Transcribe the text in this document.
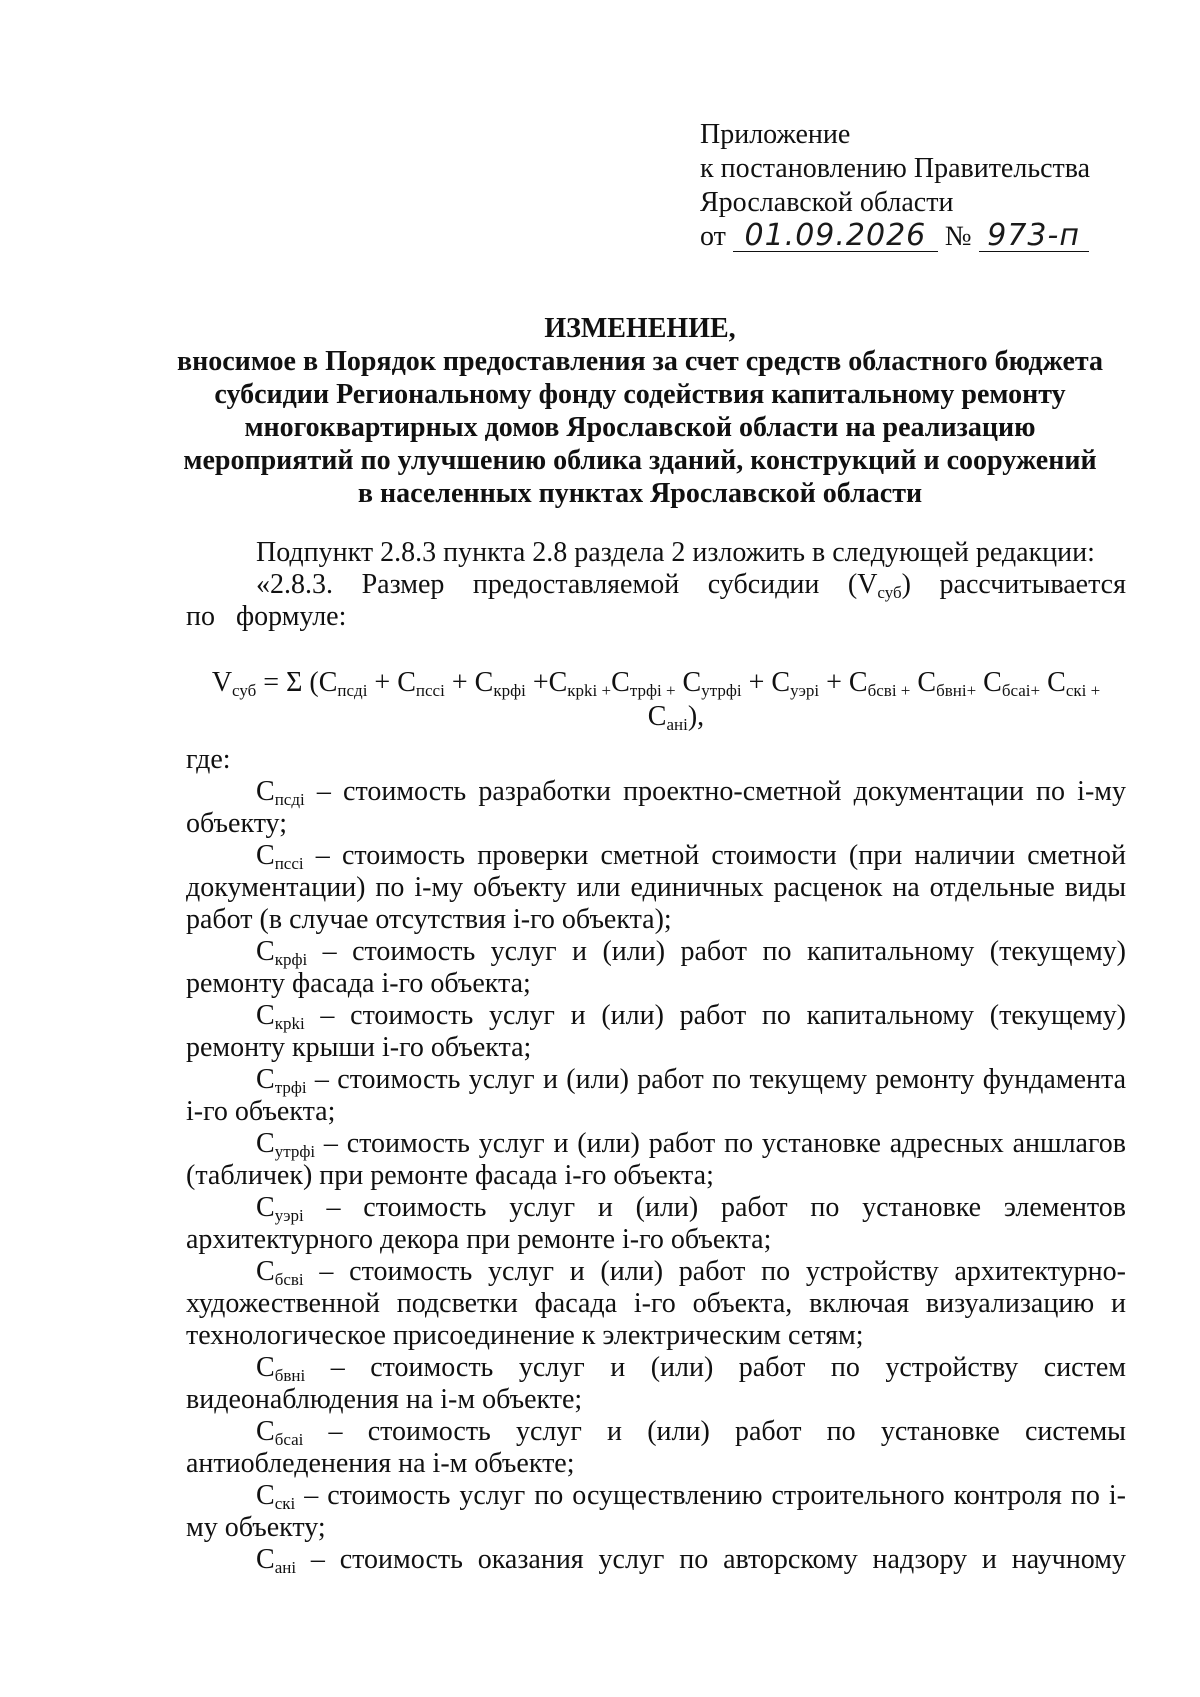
Приложение
к постановлению Правительства
Ярославской области
от 01.09.2026 № 973-п
ИЗМЕНЕНИЕ,
вносимое в Порядок предоставления за счет средств областного бюджета
субсидии Региональному фонду содействия капитальному ремонту
многоквартирных домов Ярославской области на реализацию
мероприятий по улучшению облика зданий, конструкций и сооружений
в населенных пунктах Ярославской области

Подпункт 2.8.3 пункта 2.8 раздела 2 изложить в следующей редакции:

«2.8.3. Размер предоставляемой субсидии $(V_{суб})$ рассчитывается по формуле:

$V_{суб} = \Sigma$ ($С_{псдi} + С_{пссi} + С_{крфi} +С_{крki +}С_{трфi +}$ $С_{утрфi} + С_{уэрi} + С_{бсвi +}$ $С_{бвнi+}$ $С_{бсаi+}$ $С_{скi +}$
$С_{анi}$),

где:

$С_{псдi}$ – стоимость разработки проектно-сметной документации по i-му объекту;

$С_{пссi}$ – стоимость проверки сметной стоимости (при наличии сметной документации) по i-му объекту или единичных расценок на отдельные виды работ (в случае отсутствия i-го объекта);

$С_{крфi}$ – стоимость услуг и (или) работ по капитальному (текущему) ремонту фасада i-го объекта;

$С_{крki}$ – стоимость услуг и (или) работ по капитальному (текущему) ремонту крыши i-го объекта;

$С_{трфi}$ – стоимость услуг и (или) работ по текущему ремонту фундамента i-го объекта;

$С_{утрфi}$ – стоимость услуг и (или) работ по установке адресных аншлагов (табличек) при ремонте фасада i-го объекта;

$С_{уэрi}$ – стоимость услуг и (или) работ по установке элементов архитектурного декора при ремонте i-го объекта;

$С_{бсвi}$ – стоимость услуг и (или) работ по устройству архитектурно-художественной подсветки фасада i-го объекта, включая визуализацию и технологическое присоединение к электрическим сетям;

$С_{бвнi}$ – стоимость услуг и (или) работ по устройству систем видеонаблюдения на i-м объекте;

$С_{бсаi}$ – стоимость услуг и (или) работ по установке системы антиобледенения на i-м объекте;

$С_{скi}$ – стоимость услуг по осуществлению строительного контроля по i-му объекту;

$С_{анi}$ – стоимость оказания услуг по авторскому надзору и научному
